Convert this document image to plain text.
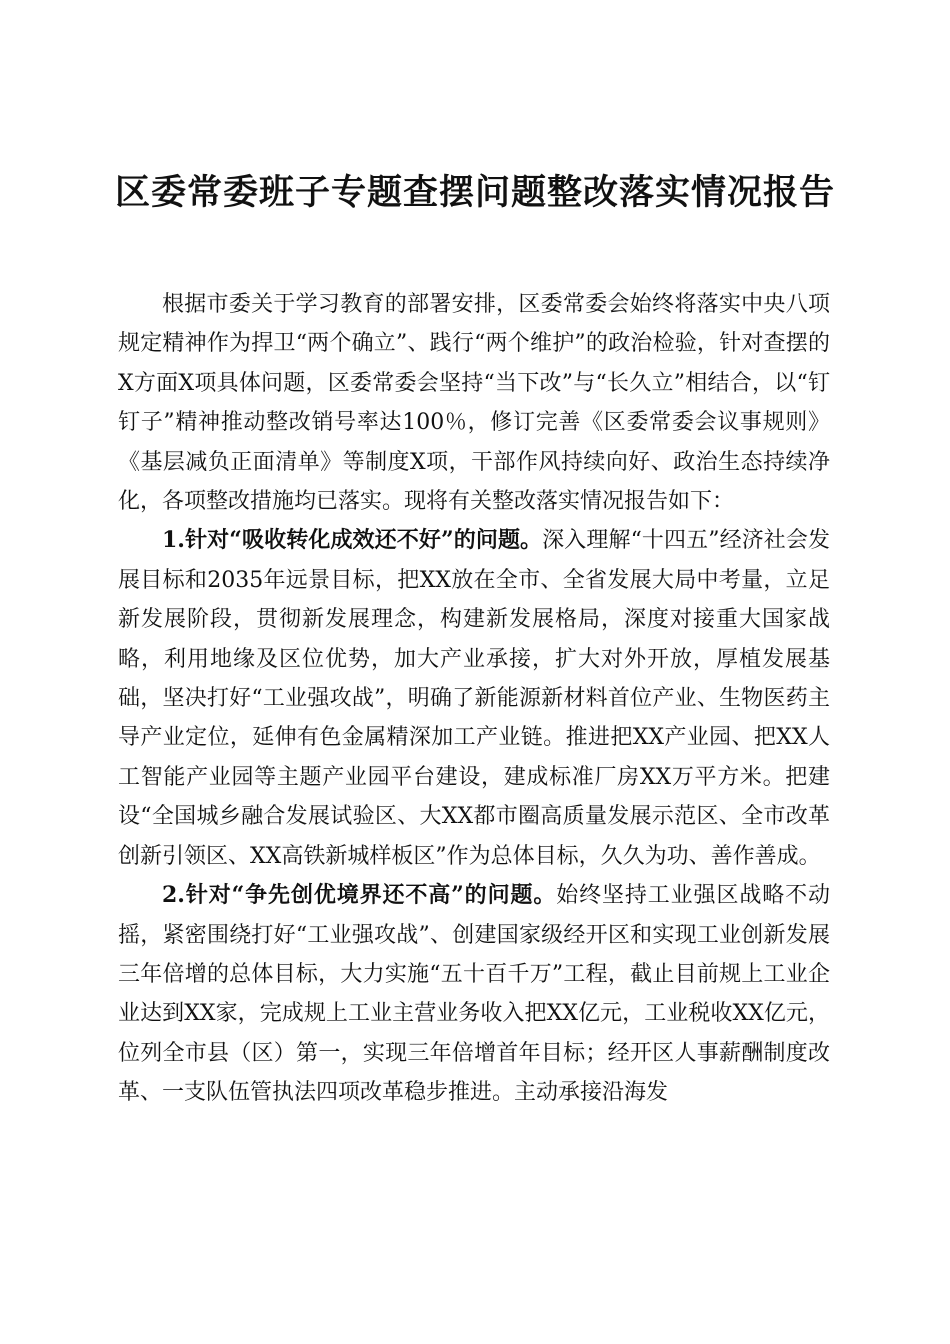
区委常委班子专题查摆问题整改落实情况报告

根据市委关于学习教育的部署安排，区委常委会始终将落实中央八项规定精神作为捍卫“两个确立”、践行“两个维护”的政治检验，针对查摆的X方面X项具体问题，区委常委会坚持“当下改”与“长久立”相结合，以“钉钉子”精神推动整改销号率达100％，修订完善《区委常委会议事规则》《基层减负正面清单》等制度X项，干部作风持续向好、政治生态持续净化，各项整改措施均已落实。现将有关整改落实情况报告如下：

1.针对“吸收转化成效还不好”的问题。深入理解“十四五”经济社会发展目标和2035年远景目标，把XX放在全市、全省发展大局中考量，立足新发展阶段，贯彻新发展理念，构建新发展格局，深度对接重大国家战略，利用地缘及区位优势，加大产业承接，扩大对外开放，厚植发展基础，坚决打好“工业强攻战”，明确了新能源新材料首位产业、生物医药主导产业定位，延伸有色金属精深加工产业链。推进把XX产业园、把XX人工智能产业园等主题产业园平台建设，建成标准厂房XX万平方米。把建设“全国城乡融合发展试验区、大XX都市圈高质量发展示范区、全市改革创新引领区、XX高铁新城样板区”作为总体目标，久久为功、善作善成。

2.针对“争先创优境界还不高”的问题。始终坚持工业强区战略不动摇，紧密围绕打好“工业强攻战”、创建国家级经开区和实现工业创新发展三年倍增的总体目标，大力实施“五十百千万”工程，截止目前规上工业企业达到XX家，完成规上工业主营业务收入把XX亿元，工业税收XX亿元，位列全市县（区）第一，实现三年倍增首年目标；经开区人事薪酬制度改革、一支队伍管执法四项改革稳步推进。主动承接沿海发
